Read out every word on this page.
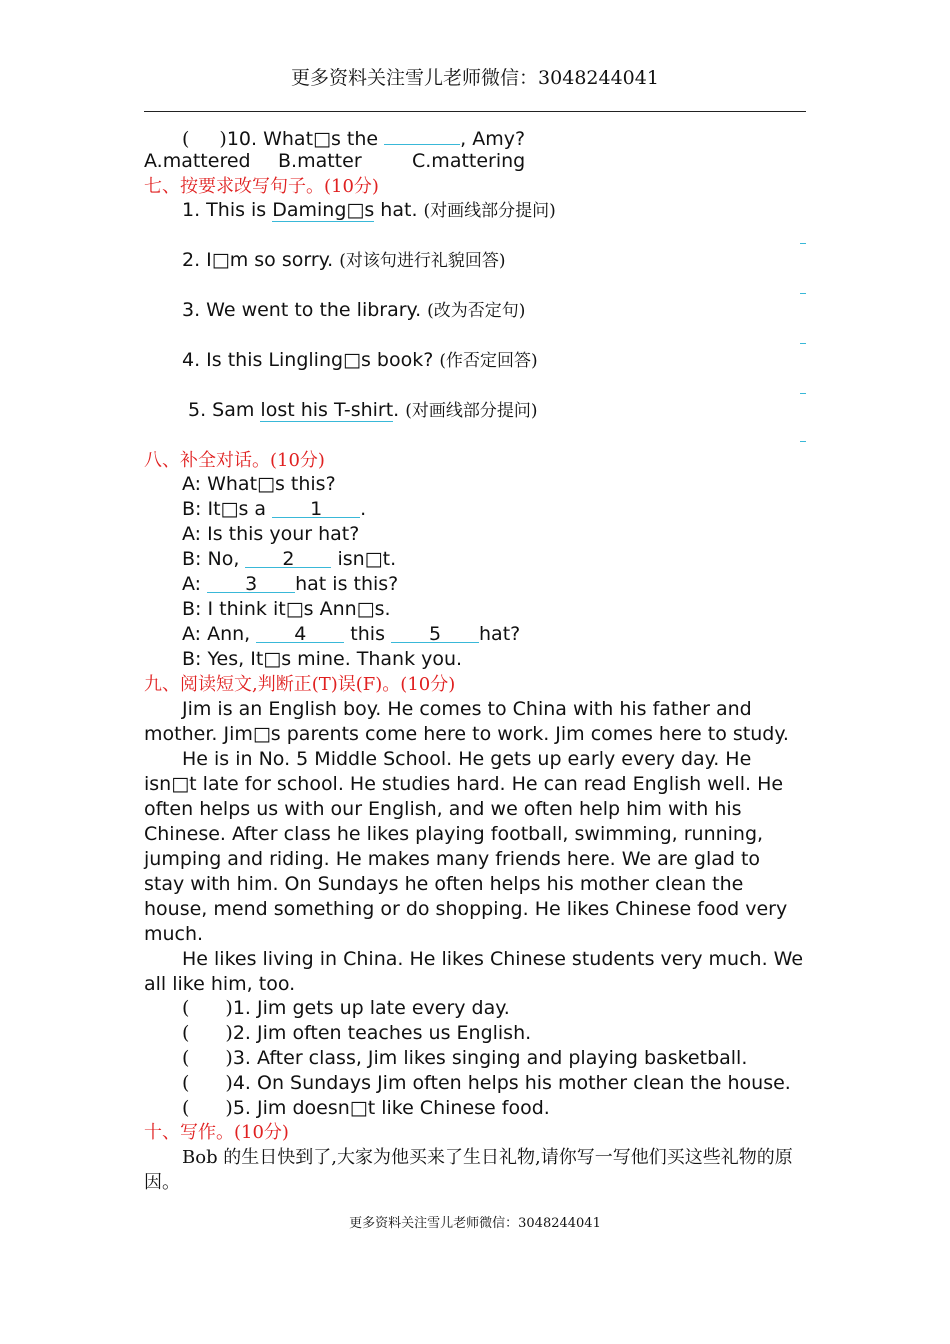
更多资料关注雪儿老师微信：3048244041
( )10. What□s the	, Amy?
A.mattered B.matter	C.mattering
七、按要求改写句子。(10分)
1. This is Daming□s hat. (对画线部分提问)
2. I□m so sorry. (对该句进行礼貌回答)
3. We went to the library. (改为否定句)
4. Is this Lingling□s book? (作否定回答)
5. Sam lost his T-shirt. (对画线部分提问)
八、补全对话。(10分)
A: What□s this?
B: It□s a 1 .
A: Is this your hat?
B: No, 2 isn□t.
A: 3 hat is this?
B: I think it□s Ann□s.
A: Ann, 4 this 5 hat?
B: Yes, It□s mine. Thank you.
九、阅读短文,判断正(T)误(F)。(10分)

Jim is an English boy. He comes to China with his father and mother. Jim□s parents come here to work. Jim comes here to study.

He is in No. 5 Middle School. He gets up early every day. He isn□t late for school. He studies hard. He can read English well. He often helps us with our English, and we often help him with his Chinese. After class he likes playing football, swimming, running, jumping and riding. He makes many friends here. We are glad to stay with him. On Sundays he often helps his mother clean the house, mend something or do shopping. He likes Chinese food very much.

He likes living in China. He likes Chinese students very much. We all like him, too.

( )1. Jim gets up late every day.
( )2. Jim often teaches us English.
( )3. After class, Jim likes singing and playing basketball.
( )4. On Sundays Jim often helps his mother clean the house.
( )5. Jim doesn□t like Chinese food.
十、写作。(10分)

Bob 的生日快到了,大家为他买来了生日礼物,请你写一写他们买这些礼物的原因。

更多资料关注雪儿老师微信：3048244041
